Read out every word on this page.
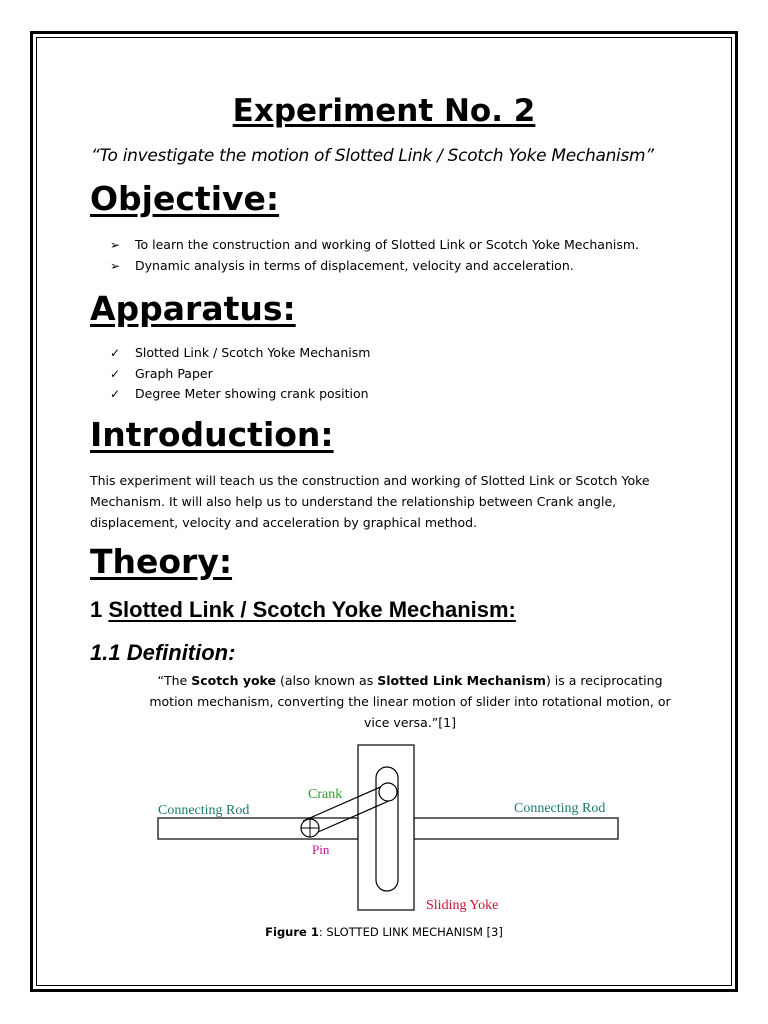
Experiment No. 2
“To investigate the motion of Slotted Link / Scotch Yoke Mechanism”
Objective:
➢ To learn the construction and working of Slotted Link or Scotch Yoke Mechanism.
➢ Dynamic analysis in terms of displacement, velocity and acceleration.
Apparatus:
✓ Slotted Link / Scotch Yoke Mechanism
✓ Graph Paper
✓ Degree Meter showing crank position
Introduction:
This experiment will teach us the construction and working of Slotted Link or Scotch Yoke Mechanism. It will also help us to understand the relationship between Crank angle, displacement, velocity and acceleration by graphical method.
Theory:
1 Slotted Link / Scotch Yoke Mechanism:
1.1 Definition:
“The Scotch yoke (also known as Slotted Link Mechanism) is a reciprocating motion mechanism, converting the linear motion of slider into rotational motion, or vice versa.”[1]
Connecting Rod	Connecting Rod
Crank
Pin
Sliding Yoke
Figure 1: SLOTTED LINK MECHANISM [3]
